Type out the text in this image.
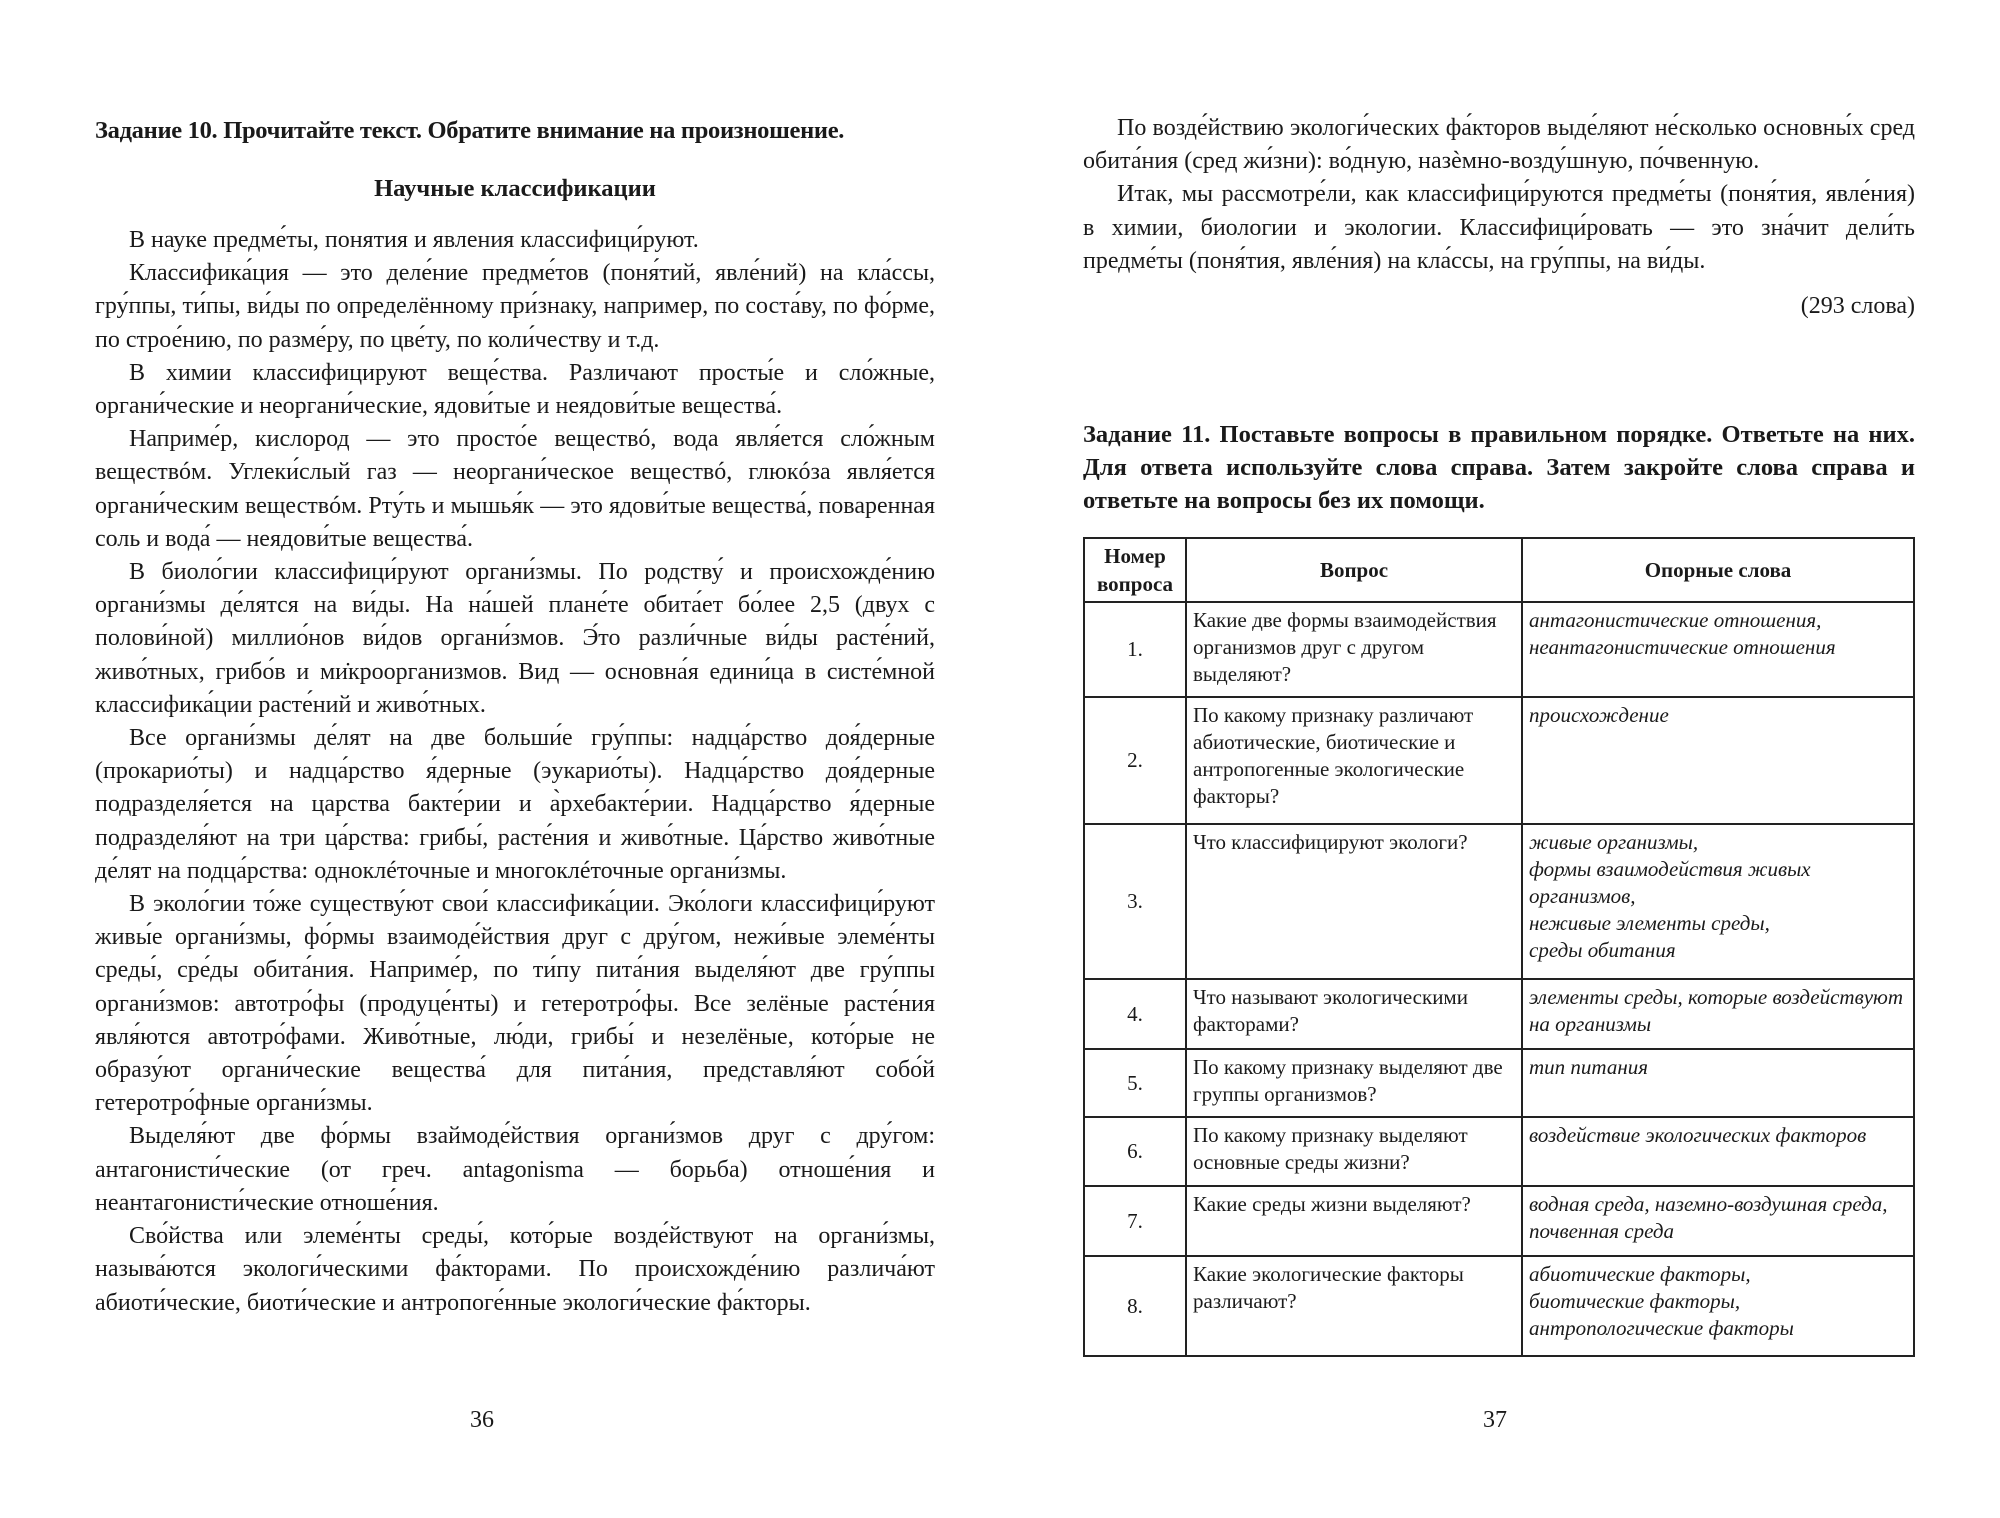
Задание 10. Прочитайте текст. Обратите внимание на произношение.
Научные классификации

В науке предме́ты, понятия и явления классифици́руют.

Классифика́ция — это деле́ние предме́тов (поня́тий, явле́ний) на кла́ссы, гру́ппы, ти́пы, ви́ды по определённому при́знаку, например, по соста́ву, по фо́рме, по строе́нию, по разме́ру, по цве́ту, по коли́честву и т.д.

В химии классифицируют веще́ства. Различают просты́е и сло́жные, органи́ческие и неоргани́ческие, ядови́тые и неядови́тые вещества́.

Наприме́р, кислород — это просто́е веществó, вода явля́ется сло́жным веществóм. Углеки́слый газ — неоргани́ческое веществó, глюкóза явля́ется органи́ческим веществóм. Рту́ть и мышья́к — это ядови́тые вещества́, поваренная соль и вода́ — неядови́тые вещества́.

В биоло́гии классифици́руют органи́змы. По родству́ и происхожде́нию органи́змы де́лятся на ви́ды. На на́шей плане́те обита́ет бо́лее 2,5 (двух с полови́ной) миллио́нов ви́дов органи́змов. Э́то разли́чные ви́ды расте́ний, живо́тных, грибо́в и ми̇кроорганизмов. Вид — основна́я едини́ца в систе́мной классифика́ции расте́ний и живо́тных.

Все органи́змы де́лят на две больши́е гру́ппы: надца́рство доя́дерные (прокарио́ты) и надца́рство я́дерные (эукарио́ты). Надца́рство доя́дерные подразделя́ется на царства бакте́рии и а̀рхебакте́рии. Надца́рство я́дерные подразделя́ют на три ца́рства: грибы́, расте́ния и живо́тные. Ца́рство живо́тные де́лят на подца́рства: одноклéточные и многоклéточные органи́змы.

В эколо́гии то́же существу́ют свои́ классифика́ции. Эко́логи классифици́руют живы́е органи́змы, фо́рмы взаимоде́йствия друг с дру́гом, нежи́вые элеме́нты среды́, сре́ды обита́ния. Наприме́р, по ти́пу пита́ния выделя́ют две гру́ппы органи́змов: автотро́фы (продуце́нты) и гетеротро́фы. Все зелёные расте́ния явля́ются автотро́фами. Живо́тные, лю́ди, грибы́ и незелёные, кото́рые не образу́ют органи́ческие вещества́ для пита́ния, представля́ют собо́й гетеротро́фные органи́змы.

Выделя́ют две фо́рмы взаймоде́йствия органи́змов друг с дру́гом: антагонисти́ческие (от греч. antagonisma — борьба) отноше́ния и неантагонисти́ческие отноше́ния.

Сво́йства или элеме́нты среды́, кото́рые возде́йствуют на органи́змы, называ́ются экологи́ческими фа́кторами. По происхожде́нию различа́ют абиоти́ческие, биоти́ческие и антропоге́нные экологи́ческие фа́кторы.

36

По возде́йствию экологи́ческих фа́кторов выде́ляют не́сколько основны́х сред обита́ния (сред жи́зни): во́дную, назѐмно-возду́шную, по́чвенную.

Итак, мы рассмотре́ли, как классифици́руются предме́ты (поня́тия, явле́ния) в химии, биологии и экологии. Классифици́ровать — это зна́чит дели́ть предме́ты (поня́тия, явле́ния) на кла́ссы, на гру́ппы, на ви́ды.

(293 слова)

Задание 11. Поставьте вопросы в правильном порядке. Ответьте на них. Для ответа используйте слова справа. Затем закройте слова справа и ответьте на вопросы без их помощи.
Номер вопроса	Вопрос	Опорные слова
1.	Какие две формы взаимодействия организмов друг с другом выделяют?	антагонистические отношения,
неантагонистические отношения

2.	По какому признаку различают абиотические, биотические и антропогенные экологические факторы?	происхождение

3.	Что классифицируют экологи?	живые организмы,
формы взаимодействия живых организмов,
неживые элементы среды,
среды обитания

4.	Что называют экологическими факторами?	элементы среды, которые воздействуют на организмы

5.	По какому признаку выделяют две группы организмов?	тип питания

6.	По какому признаку выделяют основные среды жизни?	воздействие экологических факторов

7.	Какие среды жизни выделяют?	водная среда, наземно-воздушная среда, почвенная среда

8.	Какие экологические факторы различают?	абиотические факторы,
биотические факторы,
антропологические факторы
37
